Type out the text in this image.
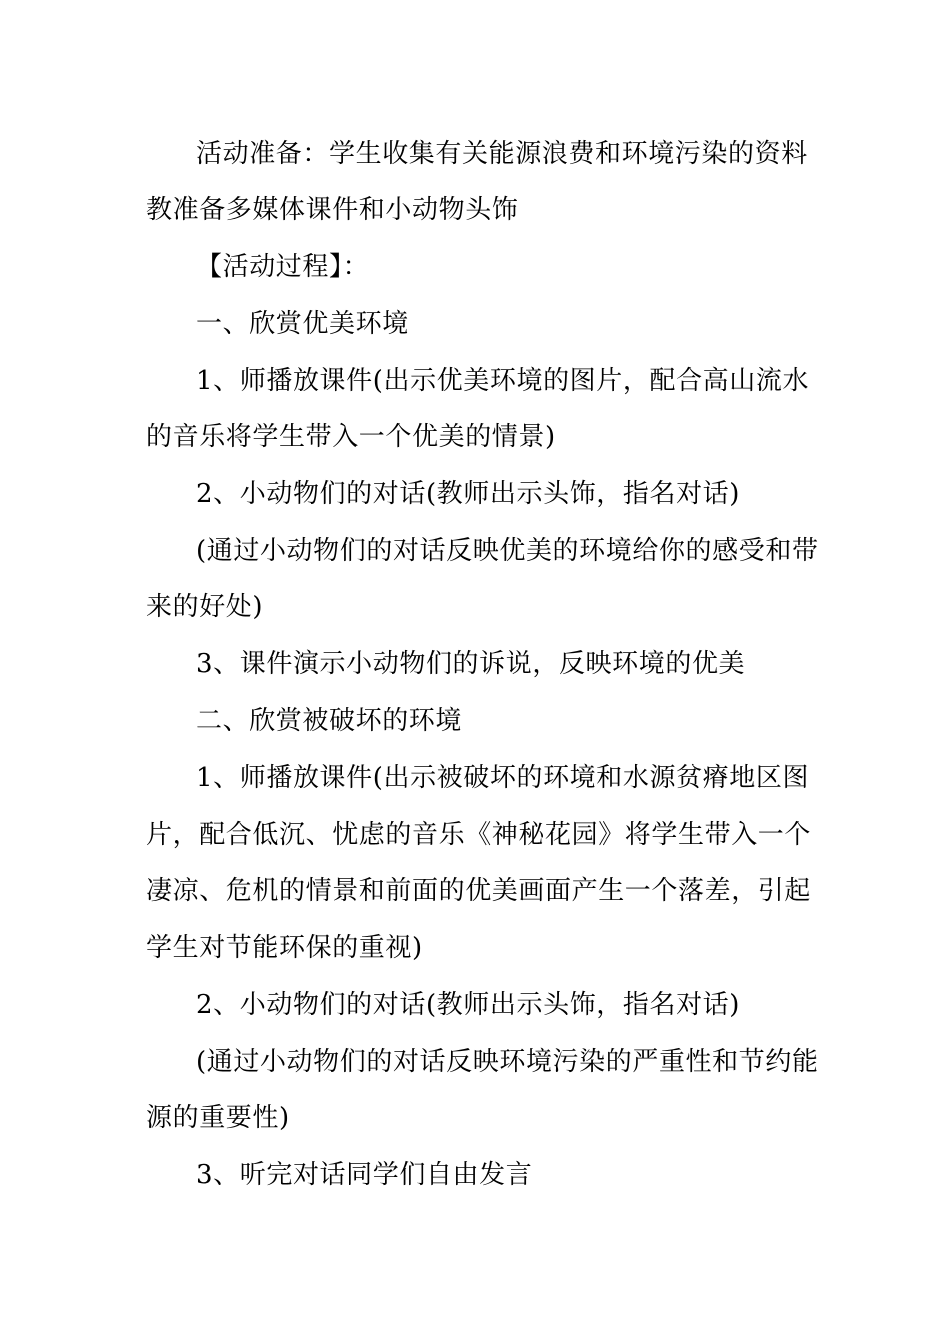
活动准备：学生收集有关能源浪费和环境污染的资料
教准备多媒体课件和小动物头饰
【活动过程】：
一、欣赏优美环境
1、师播放课件(出示优美环境的图片，配合高山流水
的音乐将学生带入一个优美的情景)
2、小动物们的对话(教师出示头饰，指名对话)
(通过小动物们的对话反映优美的环境给你的感受和带
来的好处)
3、课件演示小动物们的诉说，反映环境的优美
二、欣赏被破坏的环境
1、师播放课件(出示被破坏的环境和水源贫瘠地区图
片，配合低沉、忧虑的音乐《神秘花园》将学生带入一个
凄凉、危机的情景和前面的优美画面产生一个落差，引起
学生对节能环保的重视)
2、小动物们的对话(教师出示头饰，指名对话)
(通过小动物们的对话反映环境污染的严重性和节约能
源的重要性)
3、听完对话同学们自由发言
